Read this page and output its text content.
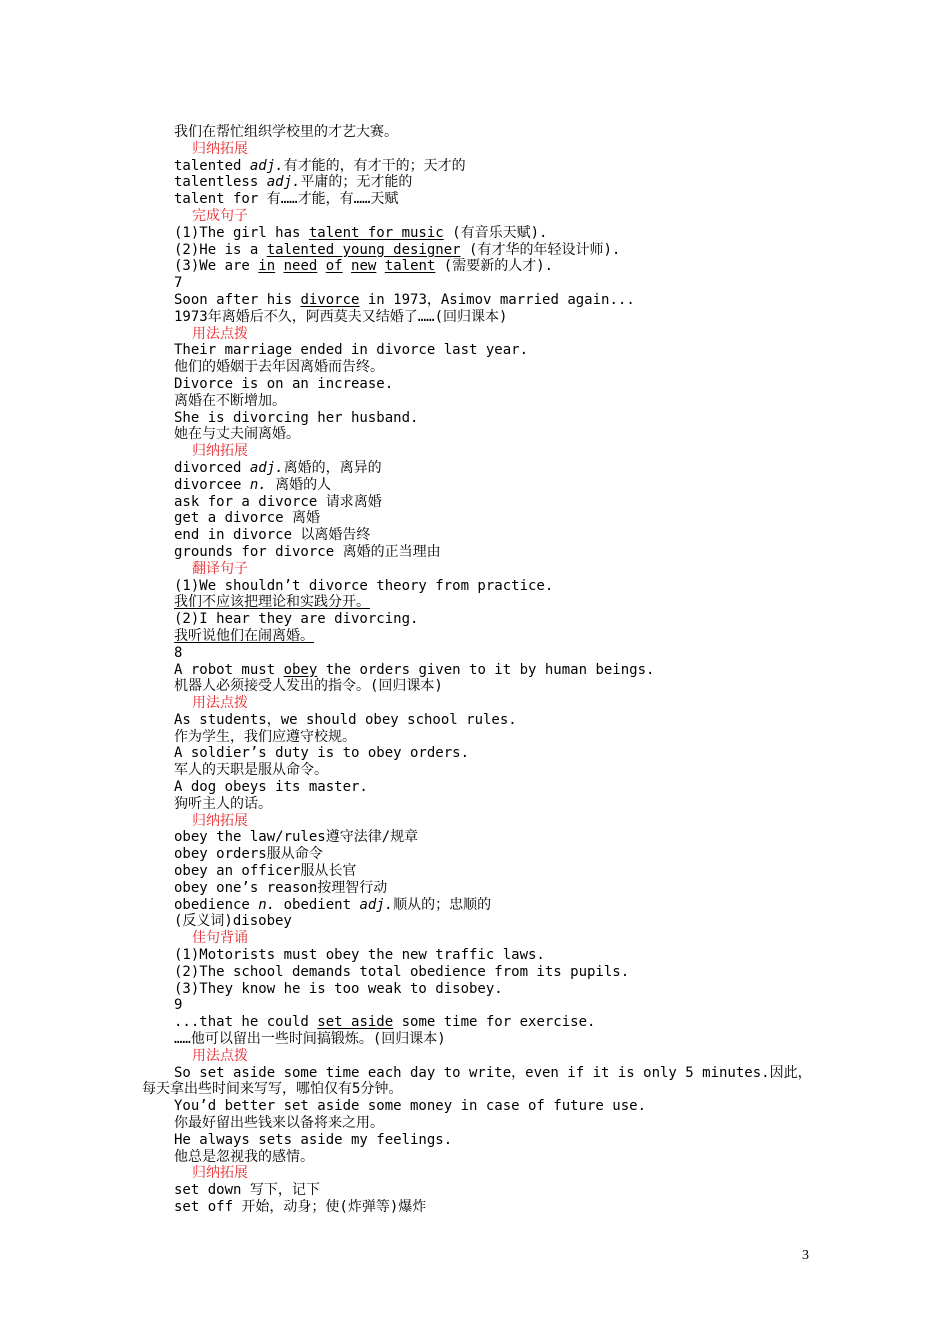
我们在帮忙组织学校里的才艺大赛。
归纳拓展
talented adj.有才能的，有才干的；天才的
talentless adj.平庸的；无才能的
talent for 有……才能，有……天赋
完成句子
(1)The girl has talent for music (有音乐天赋).
(2)He is a talented young designer (有才华的年轻设计师).
(3)We are in need of new talent (需要新的人才).
7
Soon after his divorce in 1973，Asimov married again...
1973年离婚后不久，阿西莫夫又结婚了……(回归课本)
用法点拨
Their marriage ended in divorce last year.
他们的婚姻于去年因离婚而告终。
Divorce is on an increase.
离婚在不断增加。
She is divorcing her husband.
她在与丈夫闹离婚。
归纳拓展
divorced adj.离婚的，离异的
divorcee n. 离婚的人
ask for a divorce 请求离婚
get a divorce 离婚
end in divorce 以离婚告终
grounds for divorce 离婚的正当理由
翻译句子
(1)We shouldn’t divorce theory from practice.
我们不应该把理论和实践分开。
(2)I hear they are divorcing.
我听说他们在闹离婚。
8
A robot must obey the orders given to it by human beings.
机器人必须接受人发出的指令。(回归课本)
用法点拨
As students，we should obey school rules.
作为学生，我们应遵守校规。
A soldier’s duty is to obey orders.
军人的天职是服从命令。
A dog obeys its master.
狗听主人的话。
归纳拓展
obey the law/rules遵守法律/规章
obey orders服从命令
obey an officer服从长官
obey one’s reason按理智行动
obedience n. obedient adj.顺从的；忠顺的
(反义词)disobey
佳句背诵
(1)Motorists must obey the new traffic laws.
(2)The school demands total obedience from its pupils.
(3)They know he is too weak to disobey.
9
...that he could set aside some time for exercise.
……他可以留出一些时间搞锻炼。(回归课本)
用法点拨
So set aside some time each day to write，even if it is only 5 minutes.因此，
每天拿出些时间来写写，哪怕仅有5分钟。
You’d better set aside some money in case of future use.
你最好留出些钱来以备将来之用。
He always sets aside my feelings.
他总是忽视我的感情。
归纳拓展
set down 写下，记下
set off 开始，动身；使(炸弹等)爆炸
3
